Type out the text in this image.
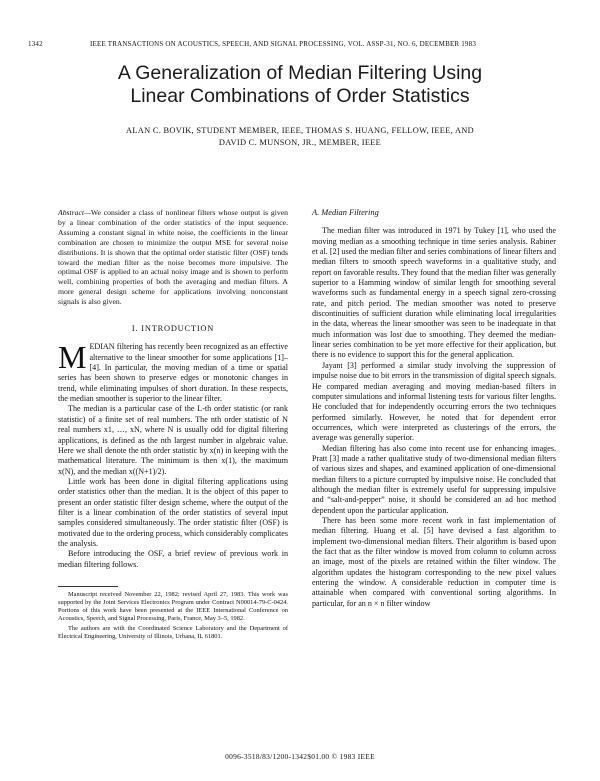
1342	IEEE TRANSACTIONS ON ACOUSTICS, SPEECH, AND SIGNAL PROCESSING, VOL. ASSP-31, NO. 6, DECEMBER 1983
A Generalization of Median Filtering Using
Linear Combinations of Order Statistics
ALAN C. BOVIK, STUDENT MEMBER, IEEE, THOMAS S. HUANG, FELLOW, IEEE, AND
DAVID C. MUNSON, JR., MEMBER, IEEE
Abstract—We consider a class of nonlinear filters whose output is given by a linear combination of the order statistics of the input sequence. Assuming a constant signal in white noise, the coefficients in the linear combination are chosen to minimize the output MSE for several noise distributions. It is shown that the optimal order statistic filter (OSF) tends toward the median filter as the noise becomes more impulsive. The optimal OSF is applied to an actual noisy image and is shown to perform well, combining properties of both the averaging and median filters. A more general design scheme for applications involving nonconstant signals is also given.
I. INTRODUCTION

MEDIAN filtering has recently been recognized as an effective alternative to the linear smoother for some applications [1]–[4]. In particular, the moving median of a time or spatial series has been shown to preserve edges or monotonic changes in trend, while eliminating impulses of short duration. In these respects, the median smoother is superior to the linear filter.

The median is a particular case of the L-th order statistic (or rank statistic) of a finite set of real numbers. The nth order statistic of N real numbers x1, …, xN, where N is usually odd for digital filtering applications, is defined as the nth largest number in algebraic value. Here we shall denote the nth order statistic by x(n) in keeping with the mathematical literature. The minimum is then x(1), the maximum x(N), and the median x((N+1)/2).

Little work has been done in digital filtering applications using order statistics other than the median. It is the object of this paper to present an order statistic filter design scheme, where the output of the filter is a linear combination of the order statistics of several input samples considered simultaneously. The order statistic filter (OSF) is motivated due to the ordering process, which considerably complicates the analysis.

Before introducing the OSF, a brief review of previous work in median filtering follows.

Manuscript received November 22, 1982; revised April 27, 1983. This work was supported by the Joint Services Electronics Program under Contract N00014-79-C-0424. Portions of this work have been presented at the IEEE International Conference on Acoustics, Speech, and Signal Processing, Paris, France, May 3–5, 1982.
The authors are with the Coordinated Science Laboratory and the Department of Electrical Engineering, University of Illinois, Urbana, IL 61801.
A. Median Filtering

The median filter was introduced in 1971 by Tukey [1], who used the moving median as a smoothing technique in time series analysis. Rabiner et al. [2] used the median filter and series combinations of linear filters and median filters to smooth speech waveforms in a qualitative study, and report on favorable results. They found that the median filter was generally superior to a Hamming window of similar length for smoothing several waveforms such as fundamental energy in a speech signal zero-crossing rate, and pitch period. The median smoother was noted to preserve discontinuities of sufficient duration while eliminating local irregularities in the data, whereas the linear smoother was seen to be inadequate in that much information was lost due to smoothing. They deemed the median-linear series combination to be yet more effective for their application, but there is no evidence to support this for the general application.

Jayant [3] performed a similar study involving the suppression of impulse noise due to bit errors in the transmission of digital speech signals. He compared median averaging and moving median-based filters in computer simulations and informal listening tests for various filter lengths. He concluded that for independently occurring errors the two techniques performed similarly. However, he noted that for dependent error occurrences, which were interpreted as clusterings of the errors, the average was generally superior.

Median filtering has also come into recent use for enhancing images. Pratt [3] made a rather qualitative study of two-dimensional median filters of various sizes and shapes, and examined application of one-dimensional median filters to a picture corrupted by impulsive noise. He concluded that although the median filter is extremely useful for suppressing impulsive and “salt-and-pepper” noise, it should be considered an ad hoc method dependent upon the particular application.

There has been some more recent work in fast implementation of median filtering. Huang et al. [5] have devised a fast algorithm to implement two-dimensional median filters. Their algorithm is based upon the fact that as the filter window is moved from column to column across an image, most of the pixels are retained within the filter window. The algorithm updates the histogram corresponding to the new pixel values entering the window. A considerable reduction in computer time is attainable when compared with conventional sorting algorithms. In particular, for an n × n filter window

0096-3518/83/1200-1342$01.00 © 1983 IEEE
